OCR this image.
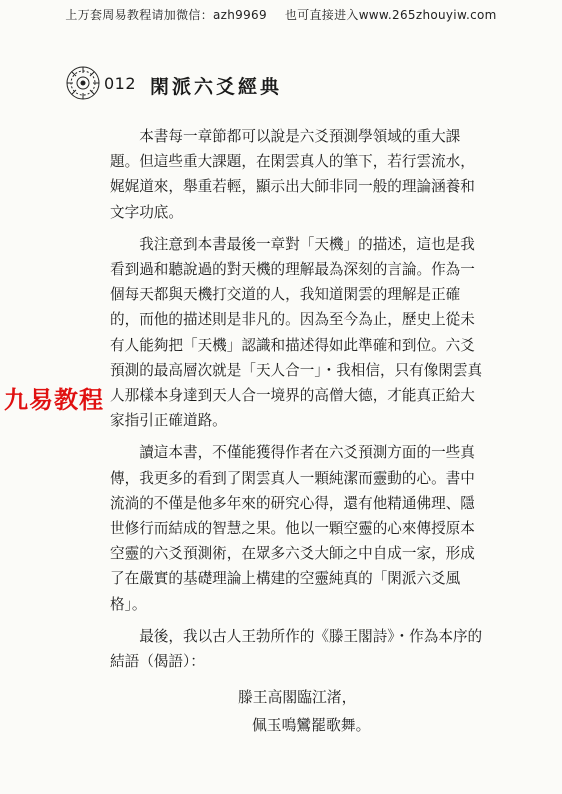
上万套周易教程请加微信：azh9969 也可直接进入www.265zhouyiw.com
012 閑派六爻經典
九易教程

本書每一章節都可以說是六爻預測學領域的重大課題。但這些重大課題，在閑雲真人的筆下，若行雲流水，娓娓道來，舉重若輕，顯示出大師非同一般的理論涵養和文字功底。

我注意到本書最後一章對「天機」的描述，這也是我看到過和聽說過的對天機的理解最為深刻的言論。作為一個每天都與天機打交道的人，我知道閑雲的理解是正確的，而他的描述則是非凡的。因為至今為止，歷史上從未有人能夠把「天機」認識和描述得如此準確和到位。六爻預測的最高層次就是「天人合一」・我相信，只有像閑雲真人那樣本身達到天人合一境界的高僧大德，才能真正給大家指引正確道路。

讀這本書，不僅能獲得作者在六爻預測方面的一些真傳，我更多的看到了閑雲真人一顆純潔而靈動的心。書中流淌的不僅是他多年來的研究心得，還有他精通佛理、隱世修行而結成的智慧之果。他以一顆空靈的心來傳授原本空靈的六爻預測術，在眾多六爻大師之中自成一家，形成了在嚴實的基礎理論上構建的空靈純真的「閑派六爻風格」。

最後，我以古人王勃所作的《滕王閣詩》・作為本序的結語（偈語）：

滕王高閣臨江渚，
佩玉鳴鸞罷歌舞。
